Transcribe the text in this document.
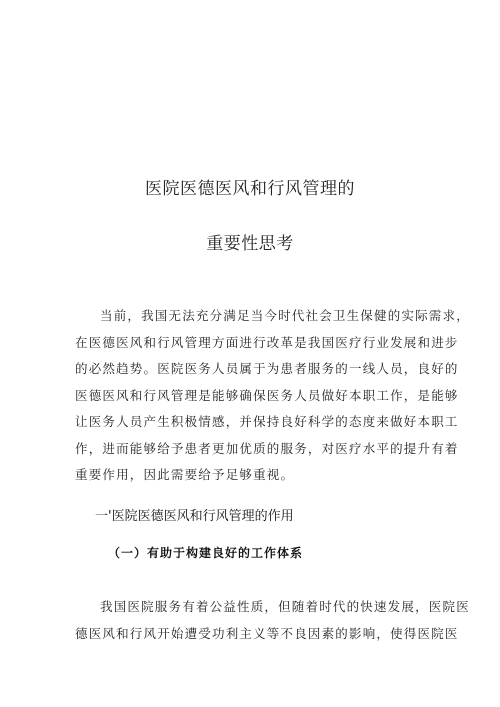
医院医德医风和行风管理的
重要性思考
当前，我国无法充分满足当今时代社会卫生保健的实际需求，
在医德医风和行风管理方面进行改革是我国医疗行业发展和进步
的必然趋势。医院医务人员属于为患者服务的一线人员，良好的
医德医风和行风管理是能够确保医务人员做好本职工作，是能够
让医务人员产生积极情感，并保持良好科学的态度来做好本职工
作，进而能够给予患者更加优质的服务，对医疗水平的提升有着
重要作用，因此需要给予足够重视。
一'医院医德医风和行风管理的作用
（一）有助于构建良好的工作体系
我国医院服务有着公益性质，但随着时代的快速发展，医院医
德医风和行风开始遭受功利主义等不良因素的影响，使得医院医
